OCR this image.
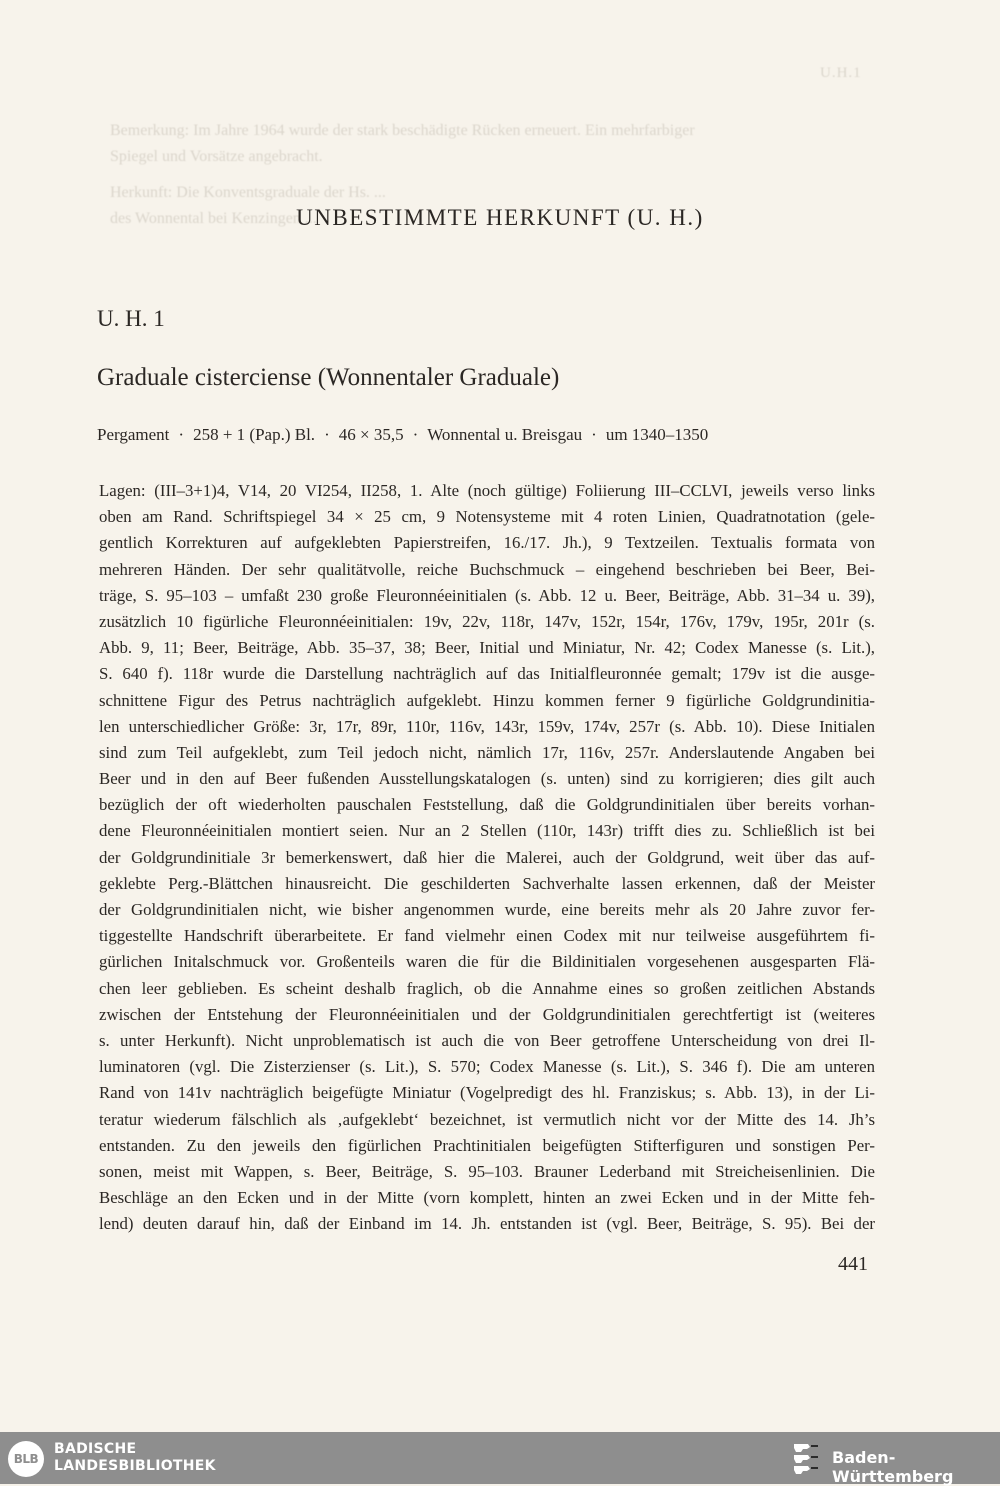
U.H.1
Bemerkung: Im Jahre 1964 wurde der stark beschädigte Rücken erneuert. Ein mehrfarbiger
Spiegel und Vorsätze angebracht.
Herkunft: Die Konventsgraduale der Hs. ...
des Wonnental bei Kenzingen ...
UNBESTIMMTE HERKUNFT (U. H.)
U. H. 1
Graduale cisterciense (Wonnentaler Graduale)
Pergament · 258 + 1 (Pap.) Bl. · 46 × 35,5 · Wonnental u. Breisgau · um 1340–1350
Lagen: (III–3+1)4, V14, 20 VI254, II258, 1. Alte (noch gültige) Foliierung III–CCLVI, jeweils verso links
oben am Rand. Schriftspiegel 34 × 25 cm, 9 Notensysteme mit 4 roten Linien, Quadratnotation (gele-
gentlich Korrekturen auf aufgeklebten Papierstreifen, 16./17. Jh.), 9 Textzeilen. Textualis formata von
mehreren Händen. Der sehr qualitätvolle, reiche Buchschmuck – eingehend beschrieben bei Beer, Bei-
träge, S. 95–103 – umfaßt 230 große Fleuronnéeinitialen (s. Abb. 12 u. Beer, Beiträge, Abb. 31–34 u. 39),
zusätzlich 10 figürliche Fleuronnéeinitialen: 19v, 22v, 118r, 147v, 152r, 154r, 176v, 179v, 195r, 201r (s.
Abb. 9, 11; Beer, Beiträge, Abb. 35–37, 38; Beer, Initial und Miniatur, Nr. 42; Codex Manesse (s. Lit.),
S. 640 f). 118r wurde die Darstellung nachträglich auf das Initialfleuronnée gemalt; 179v ist die ausge-
schnittene Figur des Petrus nachträglich aufgeklebt. Hinzu kommen ferner 9 figürliche Goldgrundinitia-
len unterschiedlicher Größe: 3r, 17r, 89r, 110r, 116v, 143r, 159v, 174v, 257r (s. Abb. 10). Diese Initialen
sind zum Teil aufgeklebt, zum Teil jedoch nicht, nämlich 17r, 116v, 257r. Anderslautende Angaben bei
Beer und in den auf Beer fußenden Ausstellungskatalogen (s. unten) sind zu korrigieren; dies gilt auch
bezüglich der oft wiederholten pauschalen Feststellung, daß die Goldgrundinitialen über bereits vorhan-
dene Fleuronnéeinitialen montiert seien. Nur an 2 Stellen (110r, 143r) trifft dies zu. Schließlich ist bei
der Goldgrundinitiale 3r bemerkenswert, daß hier die Malerei, auch der Goldgrund, weit über das auf-
geklebte Perg.-Blättchen hinausreicht. Die geschilderten Sachverhalte lassen erkennen, daß der Meister
der Goldgrundinitialen nicht, wie bisher angenommen wurde, eine bereits mehr als 20 Jahre zuvor fer-
tiggestellte Handschrift überarbeitete. Er fand vielmehr einen Codex mit nur teilweise ausgeführtem fi-
gürlichen Initalschmuck vor. Großenteils waren die für die Bildinitialen vorgesehenen ausgesparten Flä-
chen leer geblieben. Es scheint deshalb fraglich, ob die Annahme eines so großen zeitlichen Abstands
zwischen der Entstehung der Fleuronnéeinitialen und der Goldgrundinitialen gerechtfertigt ist (weiteres
s. unter Herkunft). Nicht unproblematisch ist auch die von Beer getroffene Unterscheidung von drei Il-
luminatoren (vgl. Die Zisterzienser (s. Lit.), S. 570; Codex Manesse (s. Lit.), S. 346 f). Die am unteren
Rand von 141v nachträglich beigefügte Miniatur (Vogelpredigt des hl. Franziskus; s. Abb. 13), in der Li-
teratur wiederum fälschlich als ‚aufgeklebt‘ bezeichnet, ist vermutlich nicht vor der Mitte des 14. Jh’s
entstanden. Zu den jeweils den figürlichen Prachtinitialen beigefügten Stifterfiguren und sonstigen Per-
sonen, meist mit Wappen, s. Beer, Beiträge, S. 95–103. Brauner Lederband mit Streicheisenlinien. Die
Beschläge an den Ecken und in der Mitte (vorn komplett, hinten an zwei Ecken und in der Mitte feh-
lend) deuten darauf hin, daß der Einband im 14. Jh. entstanden ist (vgl. Beer, Beiträge, S. 95). Bei der
441
BLB
BADISCHE
LANDESBIBLIOTHEK	Baden-Württemberg
